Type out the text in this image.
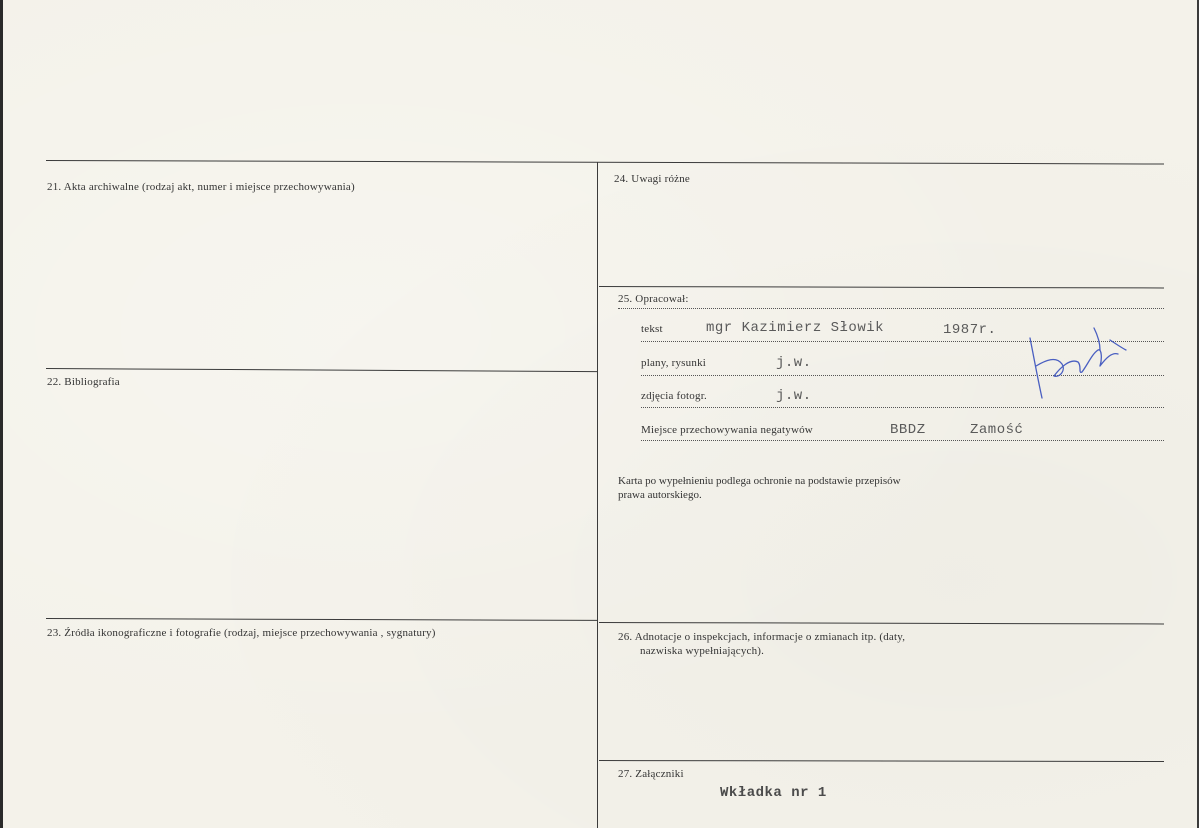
21. Akta archiwalne (rodzaj akt, numer i miejsce przechowywania)
22. Bibliografia
23. Źródła ikonograficzne i fotografie (rodzaj, miejsce przechowywania , sygnatury)
24. Uwagi różne
25. Opracował:
tekst	mgr Kazimierz Słowik	1987r.
plany, rysunki	j.w.
zdjęcia fotogr.	j.w.
Miejsce przechowywania negatywów	BBDZ	Zamość
Karta po wypełnieniu podlega ochronie na podstawie przepisów
prawa autorskiego.
26. Adnotacje o inspekcjach, informacje o zmianach itp. (daty,
nazwiska wypełniających).
27. Załączniki
Wkładka nr 1
